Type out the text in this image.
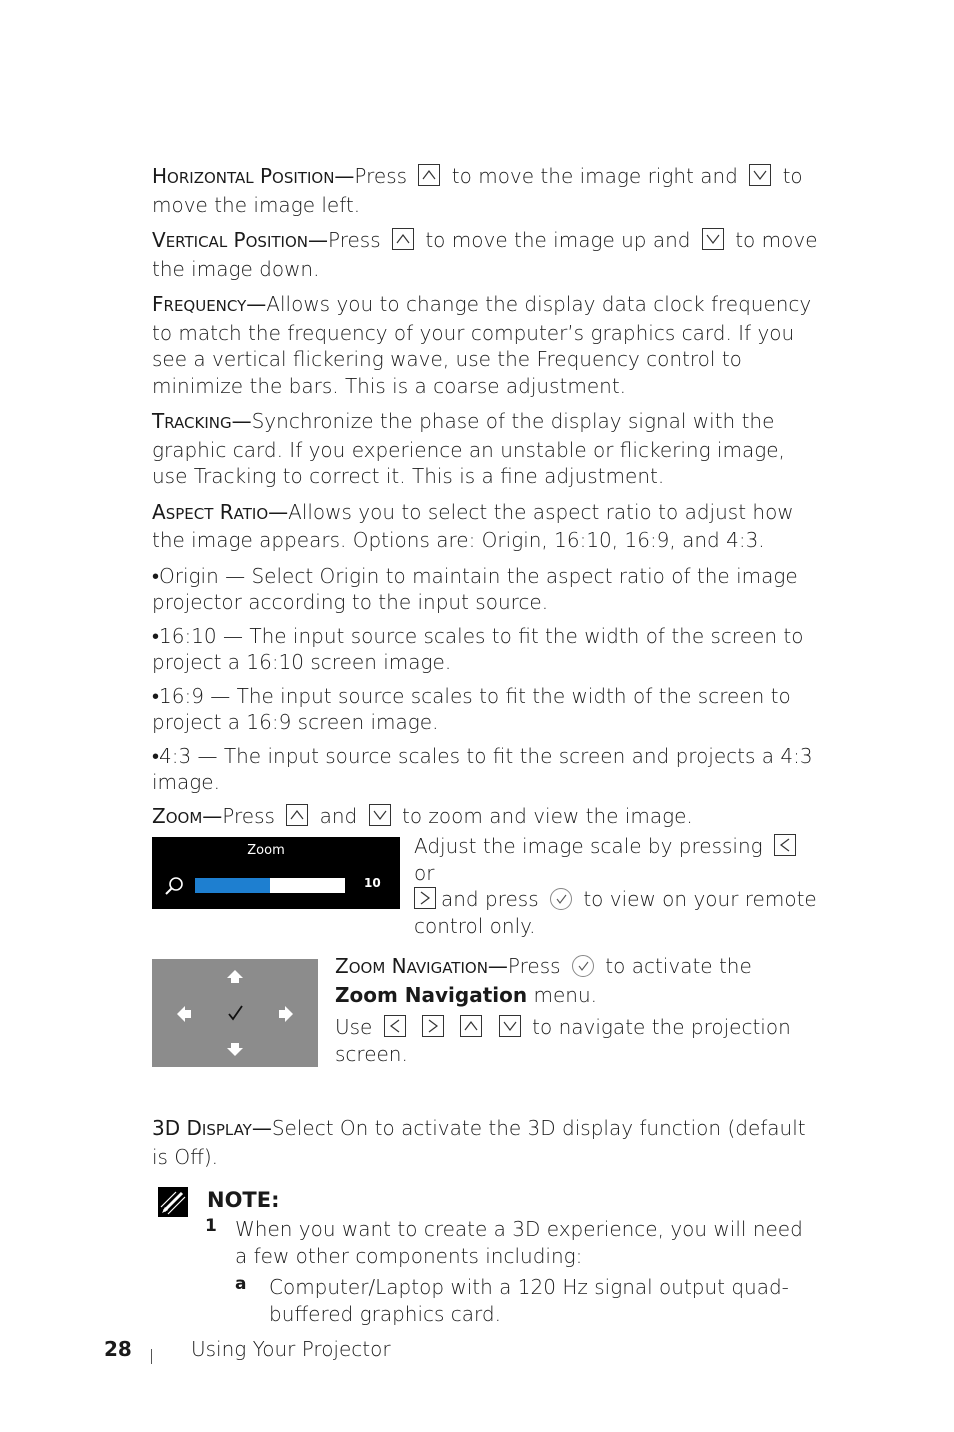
HORIZONTAL POSITION—Press to move the image right and to move the image left.

VERTICAL POSITION—Press to move the image up and to move the image down.

FREQUENCY—Allows you to change the display data clock frequency to match the frequency of your computer’s graphics card. If you see a vertical flickering wave, use the Frequency control to minimize the bars. This is a coarse adjustment.

TRACKING—Synchronize the phase of the display signal with the graphic card. If you experience an unstable or flickering image, use Tracking to correct it. This is a fine adjustment.

ASPECT RATIO—Allows you to select the aspect ratio to adjust how the image appears. Options are: Origin, 16:10, 16:9, and 4:3.

•Origin — Select Origin to maintain the aspect ratio of the image projector according to the input source.

•16:10 — The input source scales to fit the width of the screen to project a 16:10 screen image.

•16:9 — The input source scales to fit the width of the screen to project a 16:9 screen image.

•4:3 — The input source scales to fit the screen and projects a 4:3 image.

ZOOM—Press and to zoom and view the image.

Zoom
10

Adjust the image scale by pressing
or

and press to view on your remote control only.

ZOOM NAVIGATION—Press to activate the Zoom Navigation menu.

Use

	to navigate the projection screen.

3D DISPLAY—Select On to activate the 3D display function (default is Off).

NOTE:
1 When you want to create a 3D experience, you will need a few other components including:

a Computer/Laptop with a 120 Hz signal output quad-buffered graphics card.

28	Using Your Projector
